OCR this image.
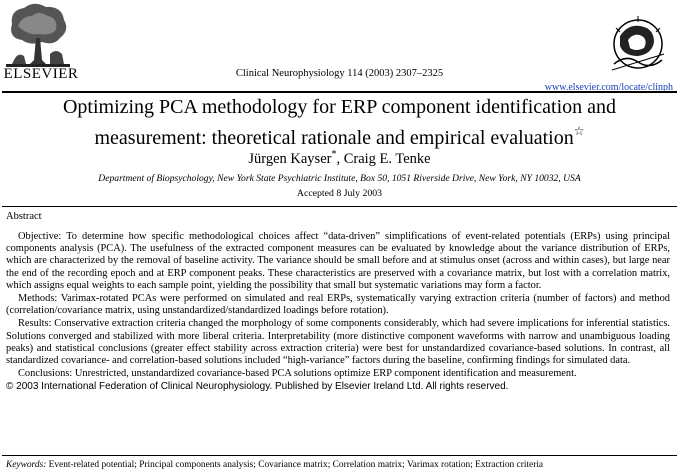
ELSEVIER	Clinical Neurophysiology 114 (2003) 2307–2325
www.elsevier.com/locate/clinph
Optimizing PCA methodology for ERP component identification and
measurement: theoretical rationale and empirical evaluation☆
Jürgen Kayser*, Craig E. Tenke
Department of Biopsychology, New York State Psychiatric Institute, Box 50, 1051 Riverside Drive, New York, NY 10032, USA
Accepted 8 July 2003
Abstract

Objective: To determine how specific methodological choices affect “data-driven” simplifications of event-related potentials (ERPs) using principal components analysis (PCA). The usefulness of the extracted component measures can be evaluated by knowledge about the variance distribution of ERPs, which are characterized by the removal of baseline activity. The variance should be small before and at stimulus onset (across and within cases), but large near the end of the recording epoch and at ERP component peaks. These characteristics are preserved with a covariance matrix, but lost with a correlation matrix, which assigns equal weights to each sample point, yielding the possibility that small but systematic variations may form a factor.

Methods: Varimax-rotated PCAs were performed on simulated and real ERPs, systematically varying extraction criteria (number of factors) and method (correlation/covariance matrix, using unstandardized/standardized loadings before rotation).

Results: Conservative extraction criteria changed the morphology of some components considerably, which had severe implications for inferential statistics. Solutions converged and stabilized with more liberal criteria. Interpretability (more distinctive component waveforms with narrow and unambiguous loading peaks) and statistical conclusions (greater effect stability across extraction criteria) were best for unstandardized covariance-based solutions. In contrast, all standardized covariance- and correlation-based solutions included “high-variance” factors during the baseline, confirming findings for simulated data.

Conclusions: Unrestricted, unstandardized covariance-based PCA solutions optimize ERP component identification and measurement.

© 2003 International Federation of Clinical Neurophysiology. Published by Elsevier Ireland Ltd. All rights reserved.

Keywords: Event-related potential; Principal components analysis; Covariance matrix; Correlation matrix; Varimax rotation; Extraction criteria
